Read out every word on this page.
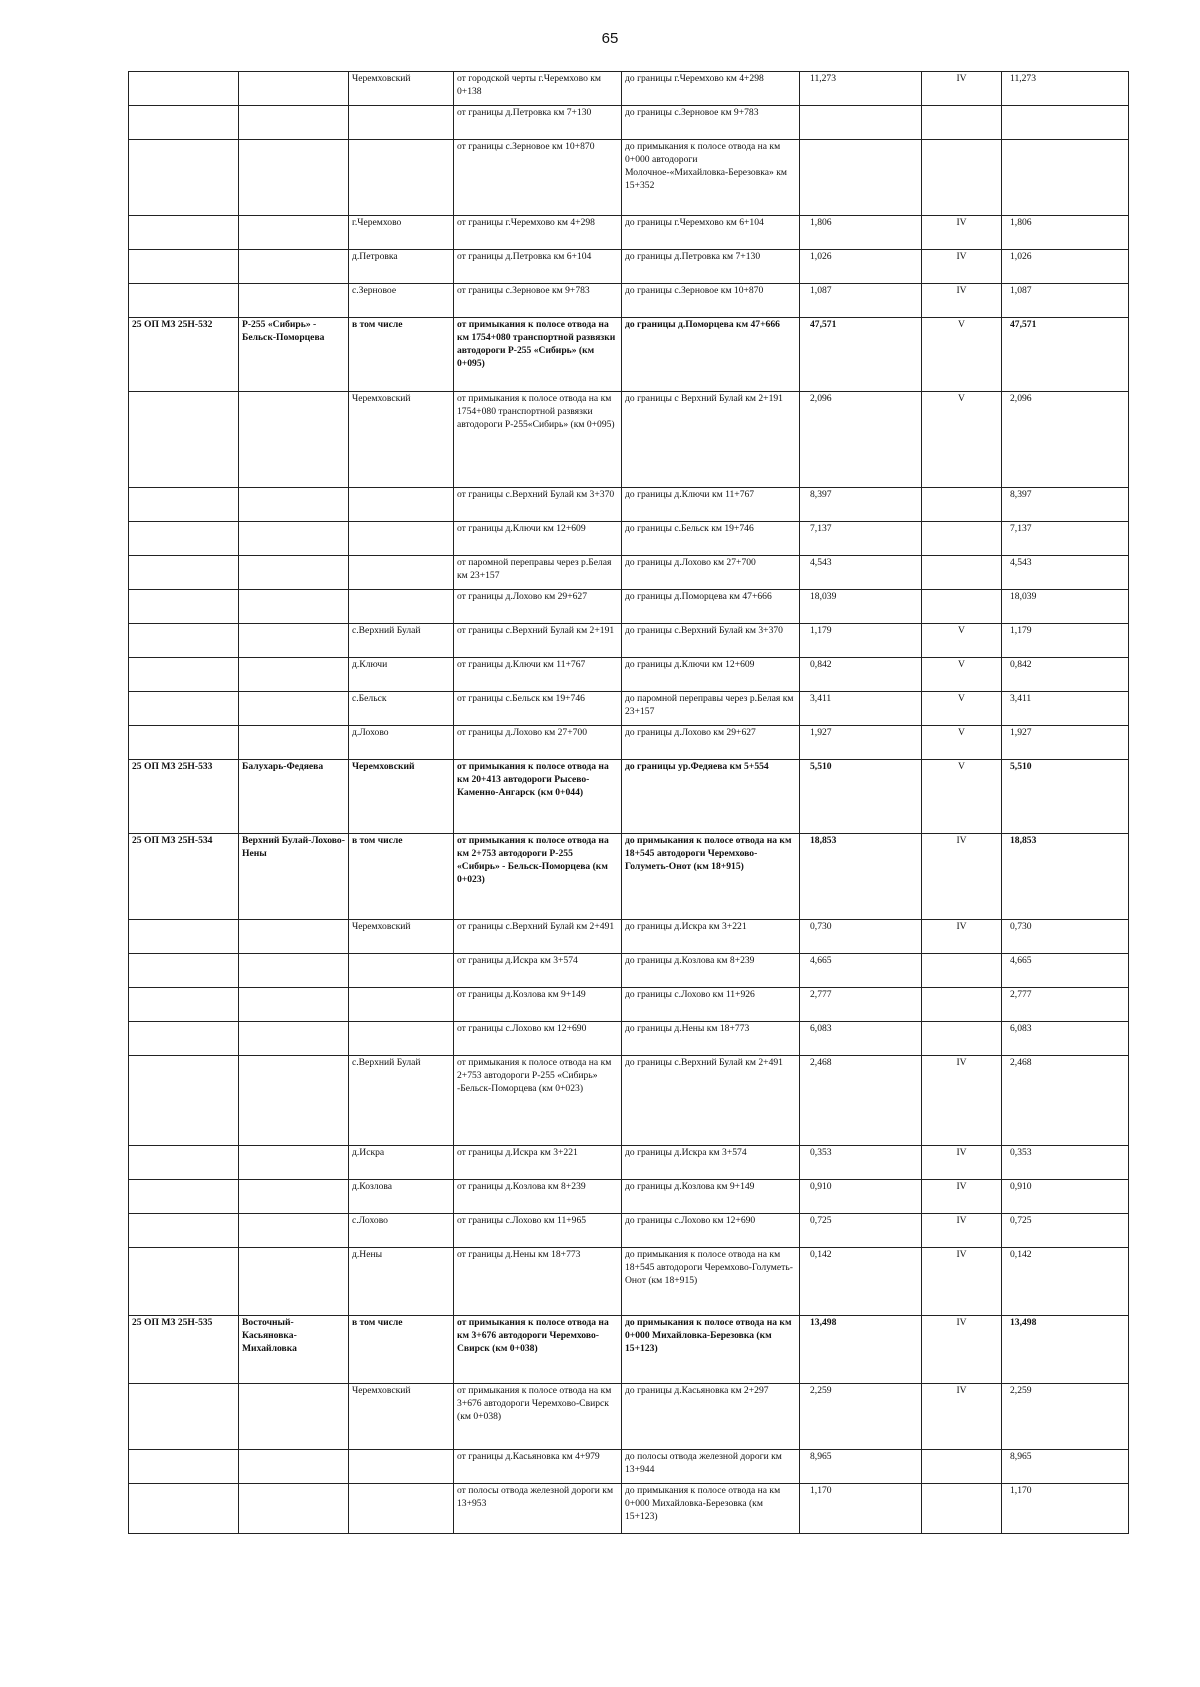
65
		Черемховский	от городской черты г.Черемхово км 0+138	до границы г.Черемхово км 4+298	11,273	IV	11,273
			от границы д.Петровка км 7+130	до границы с.Зерновое км 9+783			
			от границы с.Зерновое км 10+870	до примыкания к полосе отвода на км 0+000 автодороги Молочное-«Михайловка-Березовка» км 15+352			
		г.Черемхово	от границы г.Черемхово км 4+298	до границы г.Черемхово км 6+104	1,806	IV	1,806
		д.Петровка	от границы д.Петровка км 6+104	до границы д.Петровка км 7+130	1,026	IV	1,026
		с.Зерновое	от границы с.Зерновое км 9+783	до границы с.Зерновое км 10+870	1,087	IV	1,087
25 ОП МЗ 25Н-532	Р-255 «Сибирь» - Бельск-Поморцева	в том числе	от примыкания к полосе отвода на км 1754+080 транспортной развязки автодороги Р-255 «Сибирь» (км 0+095)	до границы д.Поморцева км 47+666	47,571	V	47,571
		Черемховский	от примыкания к полосе отвода на км 1754+080 транспортной развязки автодороги Р-255«Сибирь» (км 0+095)	до границы с Верхний Булай км 2+191	2,096	V	2,096
			от границы с.Верхний Булай км 3+370	до границы д.Ключи км 11+767	8,397		8,397
			от границы д.Ключи км 12+609	до границы с.Бельск км 19+746	7,137		7,137
			от паромной переправы через р.Белая км 23+157	до границы д.Лохово км 27+700	4,543		4,543
			от границы д.Лохово км 29+627	до границы д.Поморцева км 47+666	18,039		18,039
		с.Верхний Булай	от границы с.Верхний Булай км 2+191	до границы с.Верхний Булай км 3+370	1,179	V	1,179
		д.Ключи	от границы д.Ключи км 11+767	до границы д.Ключи км 12+609	0,842	V	0,842
		с.Бельск	от границы с.Бельск км 19+746	до паромной переправы через р.Белая км 23+157	3,411	V	3,411
		д.Лохово	от границы д.Лохово км 27+700	до границы д.Лохово км 29+627	1,927	V	1,927
25 ОП МЗ 25Н-533	Балухарь-Федяева	Черемховский	от примыкания к полосе отвода на км 20+413 автодороги Рысево-Каменно-Ангарск (км 0+044)	до границы ур.Федяева км 5+554	5,510	V	5,510
25 ОП МЗ 25Н-534	Верхний Булай-Лохово-Нены	в том числе	от примыкания к полосе отвода на км 2+753 автодороги Р-255 «Сибирь» - Бельск-Поморцева (км 0+023)	до примыкания к полосе отвода на км 18+545 автодороги Черемхово-Голуметь-Онот (км 18+915)	18,853	IV	18,853
		Черемховский	от границы с.Верхний Булай км 2+491	до границы д.Искра км 3+221	0,730	IV	0,730
			от границы д.Искра км 3+574	до границы д.Козлова км 8+239	4,665		4,665
			от границы д.Козлова км 9+149	до границы с.Лохово км 11+926	2,777		2,777
			от границы с.Лохово км 12+690	до границы д.Нены км 18+773	6,083		6,083
		с.Верхний Булай	от примыкания к полосе отвода на км 2+753 автодороги Р-255 «Сибирь» -Бельск-Поморцева (км 0+023)	до границы с.Верхний Булай км 2+491	2,468	IV	2,468
		д.Искра	от границы д.Искра км 3+221	до границы д.Искра км 3+574	0,353	IV	0,353
		д.Козлова	от границы д.Козлова км 8+239	до границы д.Козлова км 9+149	0,910	IV	0,910
		с.Лохово	от границы с.Лохово км 11+965	до границы с.Лохово км 12+690	0,725	IV	0,725
		д.Нены	от границы д.Нены км 18+773	до примыкания к полосе отвода на км 18+545 автодороги Черемхово-Голуметь-Онот (км 18+915)	0,142	IV	0,142
25 ОП МЗ 25Н-535	Восточный-Касьяновка-Михайловка	в том числе	от примыкания к полосе отвода на км 3+676 автодороги Черемхово-Свирск (км 0+038)	до примыкания к полосе отвода на км 0+000 Михайловка-Березовка (км 15+123)	13,498	IV	13,498
		Черемховский	от примыкания к полосе отвода на км 3+676 автодороги Черемхово-Свирск (км 0+038)	до границы д.Касьяновка км 2+297	2,259	IV	2,259
			от границы д.Касьяновка км 4+979	до полосы отвода железной дороги км 13+944	8,965		8,965
			от полосы отвода железной дороги км 13+953	до примыкания к полосе отвода на км 0+000 Михайловка-Березовка (км 15+123)	1,170		1,170
